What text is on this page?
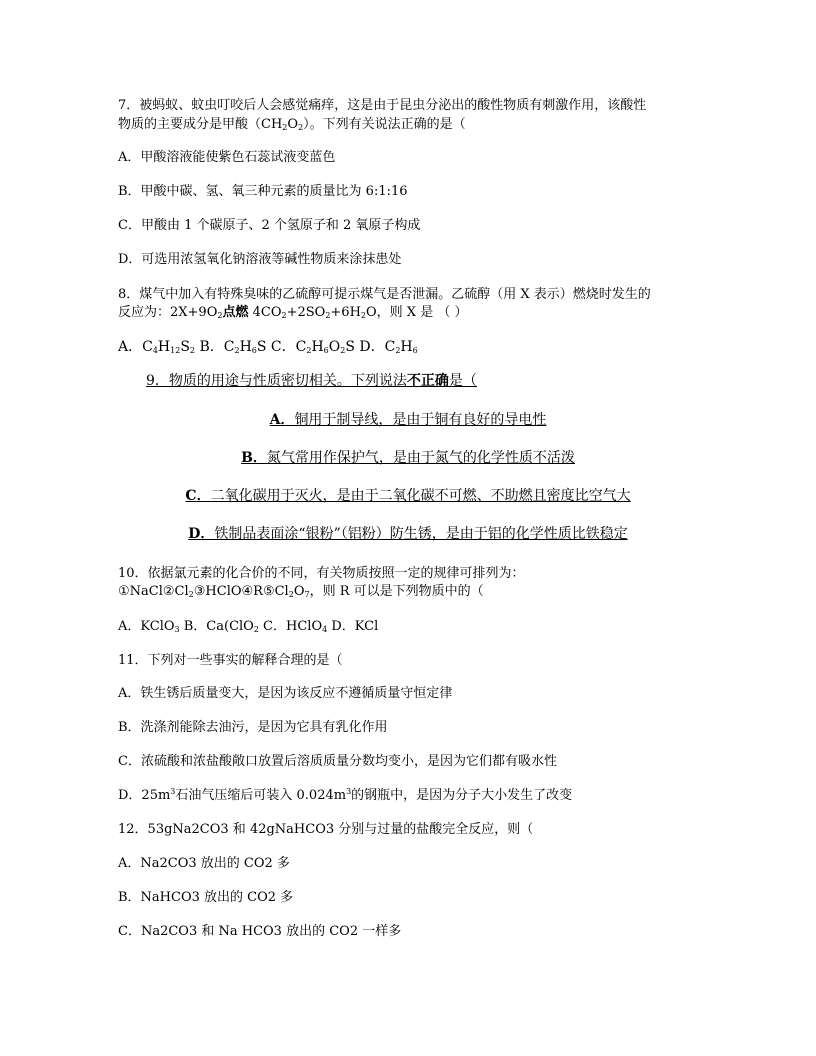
7．被蚂蚁、蚊虫叮咬后人会感觉痛痒，这是由于昆虫分泌出的酸性物质有刺激作用，该酸性
物质的主要成分是甲酸$(CH_2O_2)$。下列有关说法正确的是（
A．甲酸溶液能使紫色石蕊试液变蓝色
B．甲酸中碳、氢、氧三种元素的质量比为 6:1:16
C．甲酸由 1 个碳原子、2 个氢原子和 2 氧原子构成
D．可选用浓氢氧化钠溶液等碱性物质来涂抹患处
8．煤气中加入有特殊臭味的乙硫醇可提示煤气是否泄漏。乙硫醇（用 X 表示）燃烧时发生的
反应为：$2X+9O_2$点燃 $4CO_2+2SO_2+6H_2O$，则 X 是 （ ）
A．$C_4H_{12}S_2$ B．$C_2H_6S$ C．$C_2H_6O_2S$ D．$C_2H_6$
9．物质的用途与性质密切相关。下列说法不正确是（
A．铜用于制导线，是由于铜有良好的导电性
B．氮气常用作保护气，是由于氮气的化学性质不活泼
C．二氧化碳用于灭火，是由于二氧化碳不可燃、不助燃且密度比空气大
D．铁制品表面涂“银粉”（铝粉）防生锈，是由于铝的化学性质比铁稳定
10．依据氯元素的化合价的不同，有关物质按照一定的规律可排列为：
$①NaCl②Cl_2③HClO④R⑤Cl_2O_7$，则 R 可以是下列物质中的（
A．KClO$_3$ B．Ca(ClO$_2$ C．HClO$_4$ D．KCl
11．下列对一些事实的解释合理的是（
A．铁生锈后质量变大，是因为该反应不遵循质量守恒定律
B．洗涤剂能除去油污，是因为它具有乳化作用
C．浓硫酸和浓盐酸敞口放置后溶质质量分数均变小，是因为它们都有吸水性
D．$25m^3$石油气压缩后可装入 $0.024m^3$的钢瓶中，是因为分子大小发生了改变
12．53gNa2CO3 和 42gNaHCO3 分别与过量的盐酸完全反应，则（
A．Na2CO3 放出的 CO2 多
B．NaHCO3 放出的 CO2 多
C．Na2CO3 和 Na HCO3 放出的 CO2 一样多
